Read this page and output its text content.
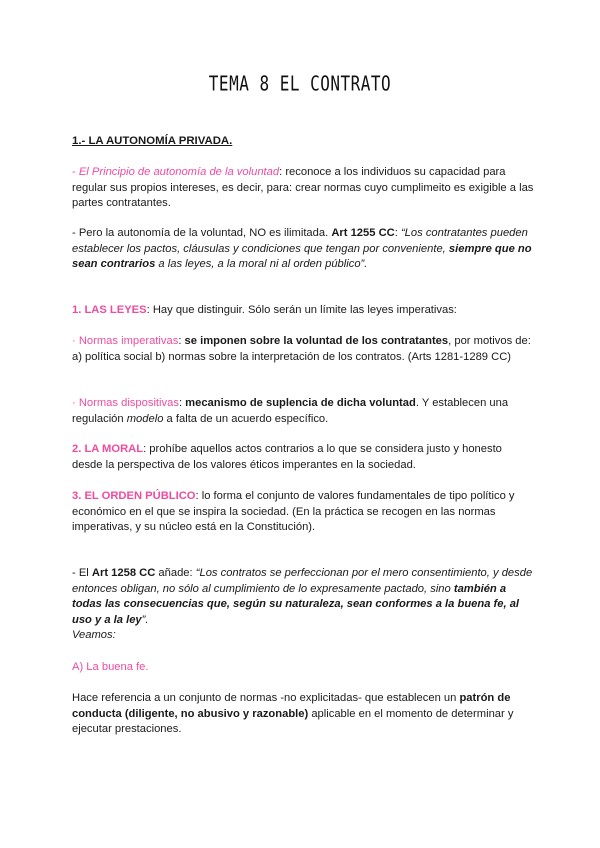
TEMA 8 EL CONTRATO
1.- LA AUTONOMÍA PRIVADA.
- El Principio de autonomía de la voluntad: reconoce a los individuos su capacidad para regular sus propios intereses, es decir, para: crear normas cuyo cumplimeito es exigible a las partes contratantes.
- Pero la autonomía de la voluntad, NO es ilimitada. Art 1255 CC: “Los contratantes pueden establecer los pactos, cláusulas y condiciones que tengan por conveniente, siempre que no sean contrarios a las leyes, a la moral ni al orden público”.
1. LAS LEYES: Hay que distinguir. Sólo serán un límite las leyes imperativas:
· Normas imperativas: se imponen sobre la voluntad de los contratantes, por motivos de: a) política social b) normas sobre la interpretación de los contratos. (Arts 1281-1289 CC)
· Normas dispositivas: mecanismo de suplencia de dicha voluntad. Y establecen una regulación modelo a falta de un acuerdo específico.
2. LA MORAL: prohíbe aquellos actos contrarios a lo que se considera justo y honesto desde la perspectiva de los valores éticos imperantes en la sociedad.
3. EL ORDEN PÚBLICO: lo forma el conjunto de valores fundamentales de tipo político y económico en el que se inspira la sociedad. (En la práctica se recogen en las normas imperativas, y su núcleo está en la Constitución).
- El Art 1258 CC añade: “Los contratos se perfeccionan por el mero consentimiento, y desde entonces obligan, no sólo al cumplimiento de lo expresamente pactado, sino también a todas las consecuencias que, según su naturaleza, sean conformes a la buena fe, al uso y a la ley”.
Veamos:
A) La buena fe.
Hace referencia a un conjunto de normas -no explicitadas- que establecen un patrón de conducta (diligente, no abusivo y razonable) aplicable en el momento de determinar y ejecutar prestaciones.
